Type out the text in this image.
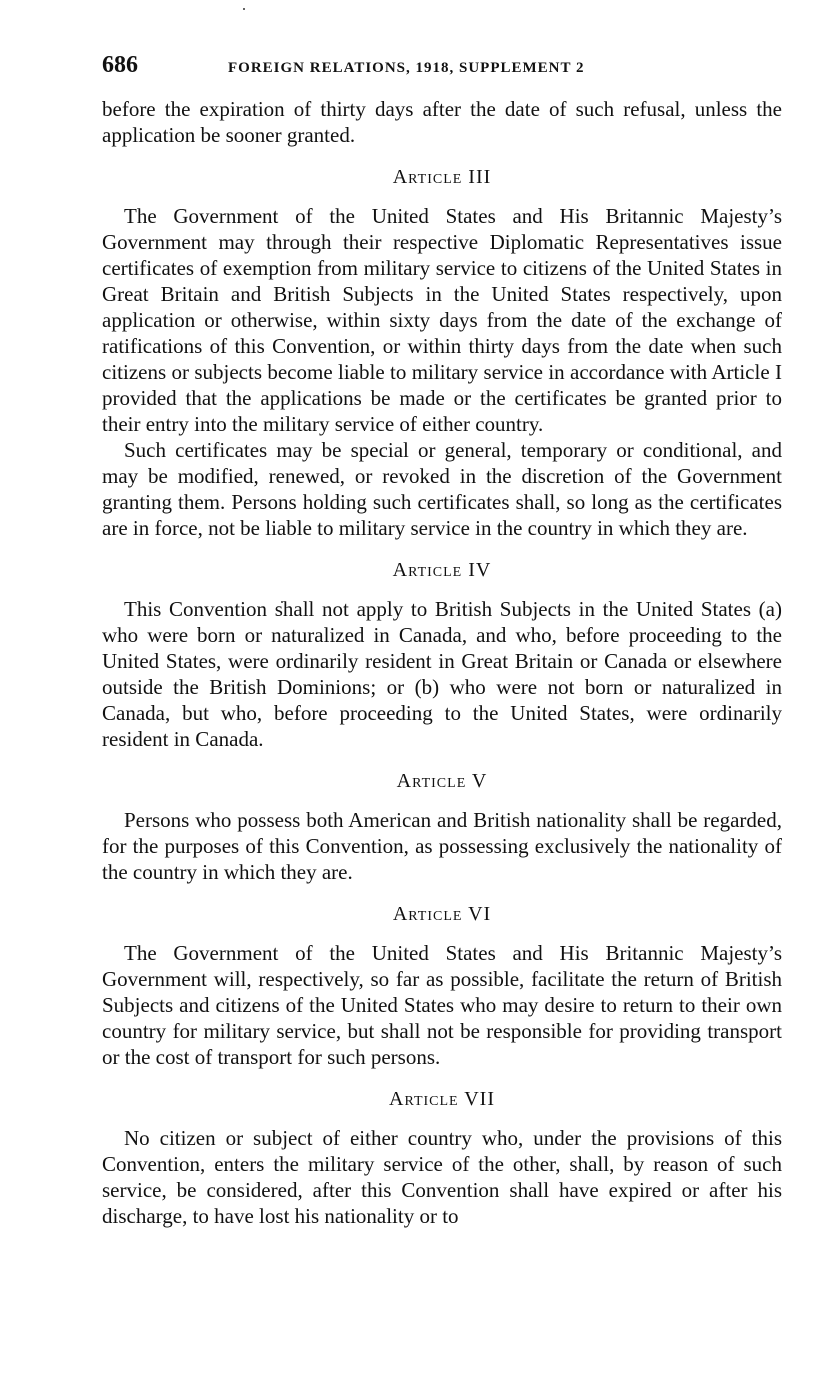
686	FOREIGN RELATIONS, 1918, SUPPLEMENT 2

before the expiration of thirty days after the date of such refusal, unless the application be sooner granted.

Article III

The Government of the United States and His Britannic Majesty’s Government may through their respective Diplomatic Representatives issue certificates of exemption from military service to citizens of the United States in Great Britain and British Subjects in the United States respectively, upon application or otherwise, within sixty days from the date of the exchange of ratifications of this Convention, or within thirty days from the date when such citizens or subjects become liable to military service in accordance with Article I provided that the applications be made or the certificates be granted prior to their entry into the military service of either country.

Such certificates may be special or general, temporary or conditional, and may be modified, renewed, or revoked in the discretion of the Government granting them. Persons holding such certificates shall, so long as the certificates are in force, not be liable to military service in the country in which they are.

Article IV

This Convention shall not apply to British Subjects in the United States (a) who were born or naturalized in Canada, and who, before proceeding to the United States, were ordinarily resident in Great Britain or Canada or elsewhere outside the British Dominions; or (b) who were not born or naturalized in Canada, but who, before proceeding to the United States, were ordinarily resident in Canada.

Article V

Persons who possess both American and British nationality shall be regarded, for the purposes of this Convention, as possessing exclusively the nationality of the country in which they are.

Article VI

The Government of the United States and His Britannic Majesty’s Government will, respectively, so far as possible, facilitate the return of British Subjects and citizens of the United States who may desire to return to their own country for military service, but shall not be responsible for providing transport or the cost of transport for such persons.

Article VII

No citizen or subject of either country who, under the provisions of this Convention, enters the military service of the other, shall, by reason of such service, be considered, after this Convention shall have expired or after his discharge, to have lost his nationality or to
